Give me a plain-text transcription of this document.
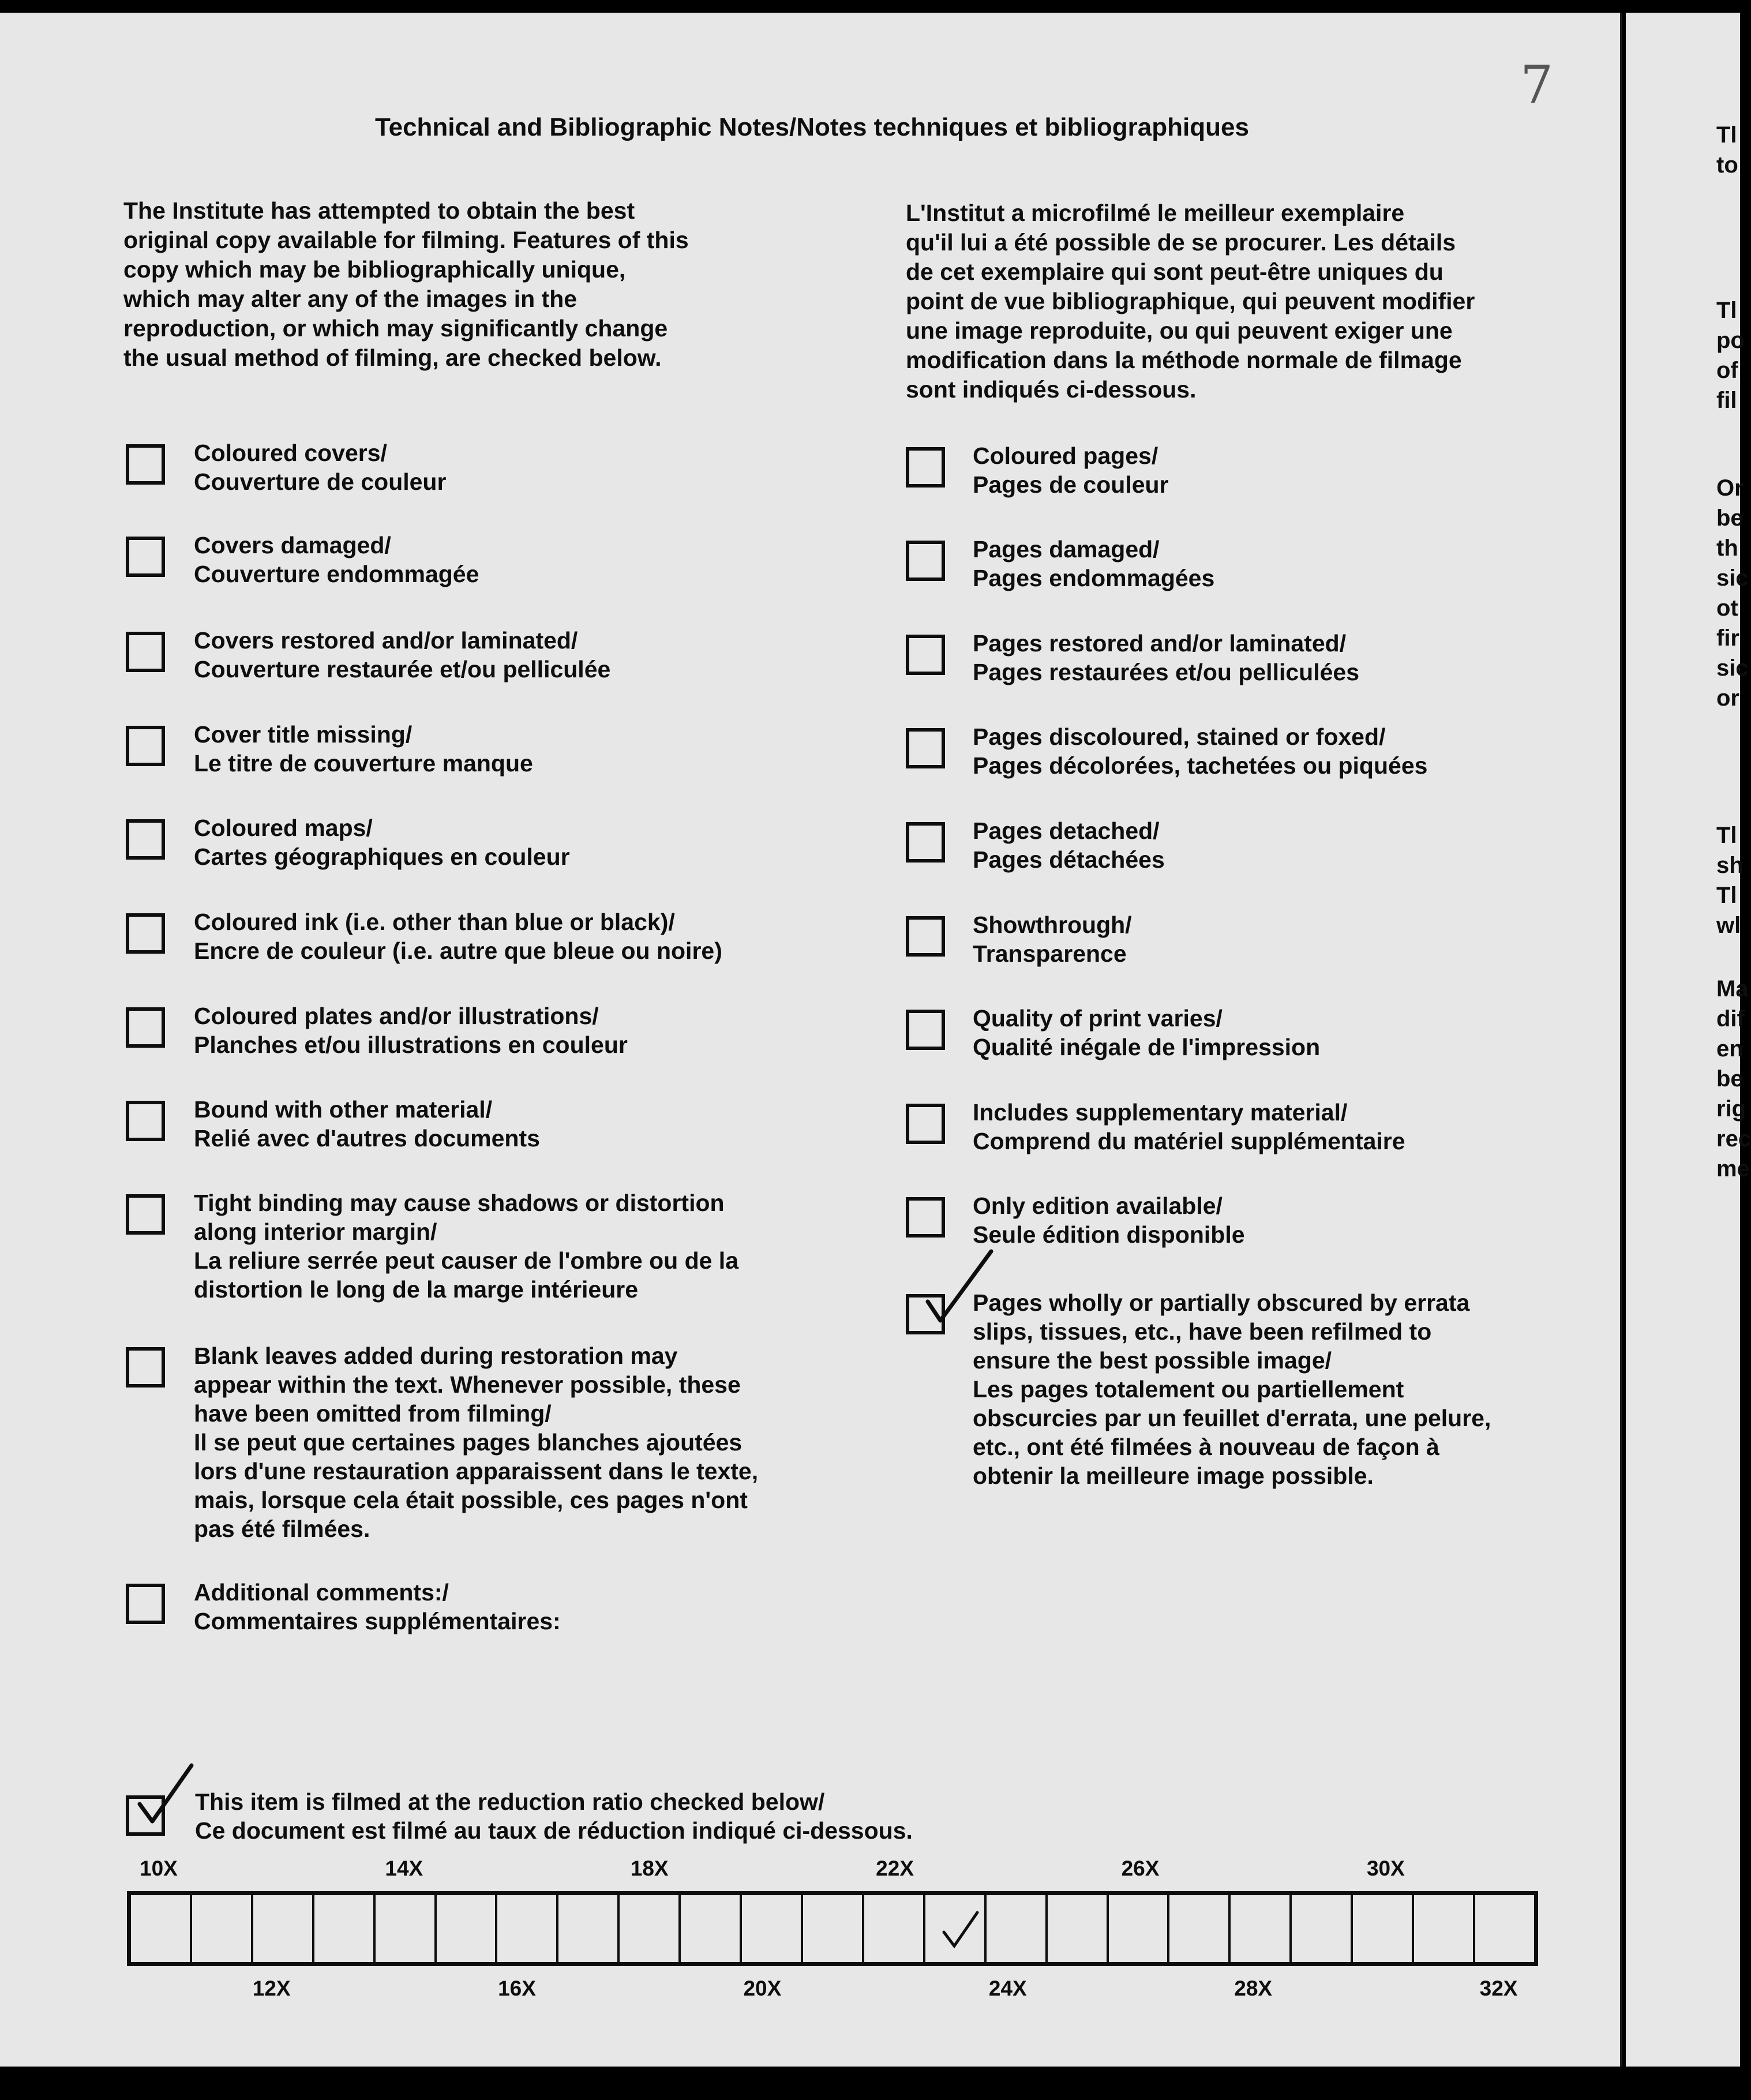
7
Technical and Bibliographic Notes/Notes techniques et bibliographiques
The Institute has attempted to obtain the best
original copy available for filming. Features of this
copy which may be bibliographically unique,
which may alter any of the images in the
reproduction, or which may significantly change
the usual method of filming, are checked below.
L'Institut a microfilmé le meilleur exemplaire
qu'il lui a été possible de se procurer. Les détails
de cet exemplaire qui sont peut-être uniques du
point de vue bibliographique, qui peuvent modifier
une image reproduite, ou qui peuvent exiger une
modification dans la méthode normale de filmage
sont indiqués ci-dessous.
Coloured covers/
Couverture de couleur
Covers damaged/
Couverture endommagée
Covers restored and/or laminated/
Couverture restaurée et/ou pelliculée
Cover title missing/
Le titre de couverture manque
Coloured maps/
Cartes géographiques en couleur
Coloured ink (i.e. other than blue or black)/
Encre de couleur (i.e. autre que bleue ou noire)
Coloured plates and/or illustrations/
Planches et/ou illustrations en couleur
Bound with other material/
Relié avec d'autres documents
Tight binding may cause shadows or distortion
along interior margin/
La reliure serrée peut causer de l'ombre ou de la
distortion le long de la marge intérieure
Blank leaves added during restoration may
appear within the text. Whenever possible, these
have been omitted from filming/
Il se peut que certaines pages blanches ajoutées
lors d'une restauration apparaissent dans le texte,
mais, lorsque cela était possible, ces pages n'ont
pas été filmées.
Additional comments:/
Commentaires supplémentaires:
Coloured pages/
Pages de couleur
Pages damaged/
Pages endommagées
Pages restored and/or laminated/
Pages restaurées et/ou pelliculées
Pages discoloured, stained or foxed/
Pages décolorées, tachetées ou piquées
Pages detached/
Pages détachées
Showthrough/
Transparence
Quality of print varies/
Qualité inégale de l'impression
Includes supplementary material/
Comprend du matériel supplémentaire
Only edition available/
Seule édition disponible
Pages wholly or partially obscured by errata
slips, tissues, etc., have been refilmed to
ensure the best possible image/
Les pages totalement ou partiellement
obscurcies par un feuillet d'errata, une pelure,
etc., ont été filmées à nouveau de façon à
obtenir la meilleure image possible.
This item is filmed at the reduction ratio checked below/
Ce document est filmé au taux de réduction indiqué ci-dessous.
10X	14X	18X	22X	26X	30X
12X	16X	20X	24X	28X	32X
Tl
to
Tl
po
of
fil
Or
be
th
sic
ot
fir
sic
or
Tl
sh
Tl
wl
Ma
dif
en
be
rig
rec
me
